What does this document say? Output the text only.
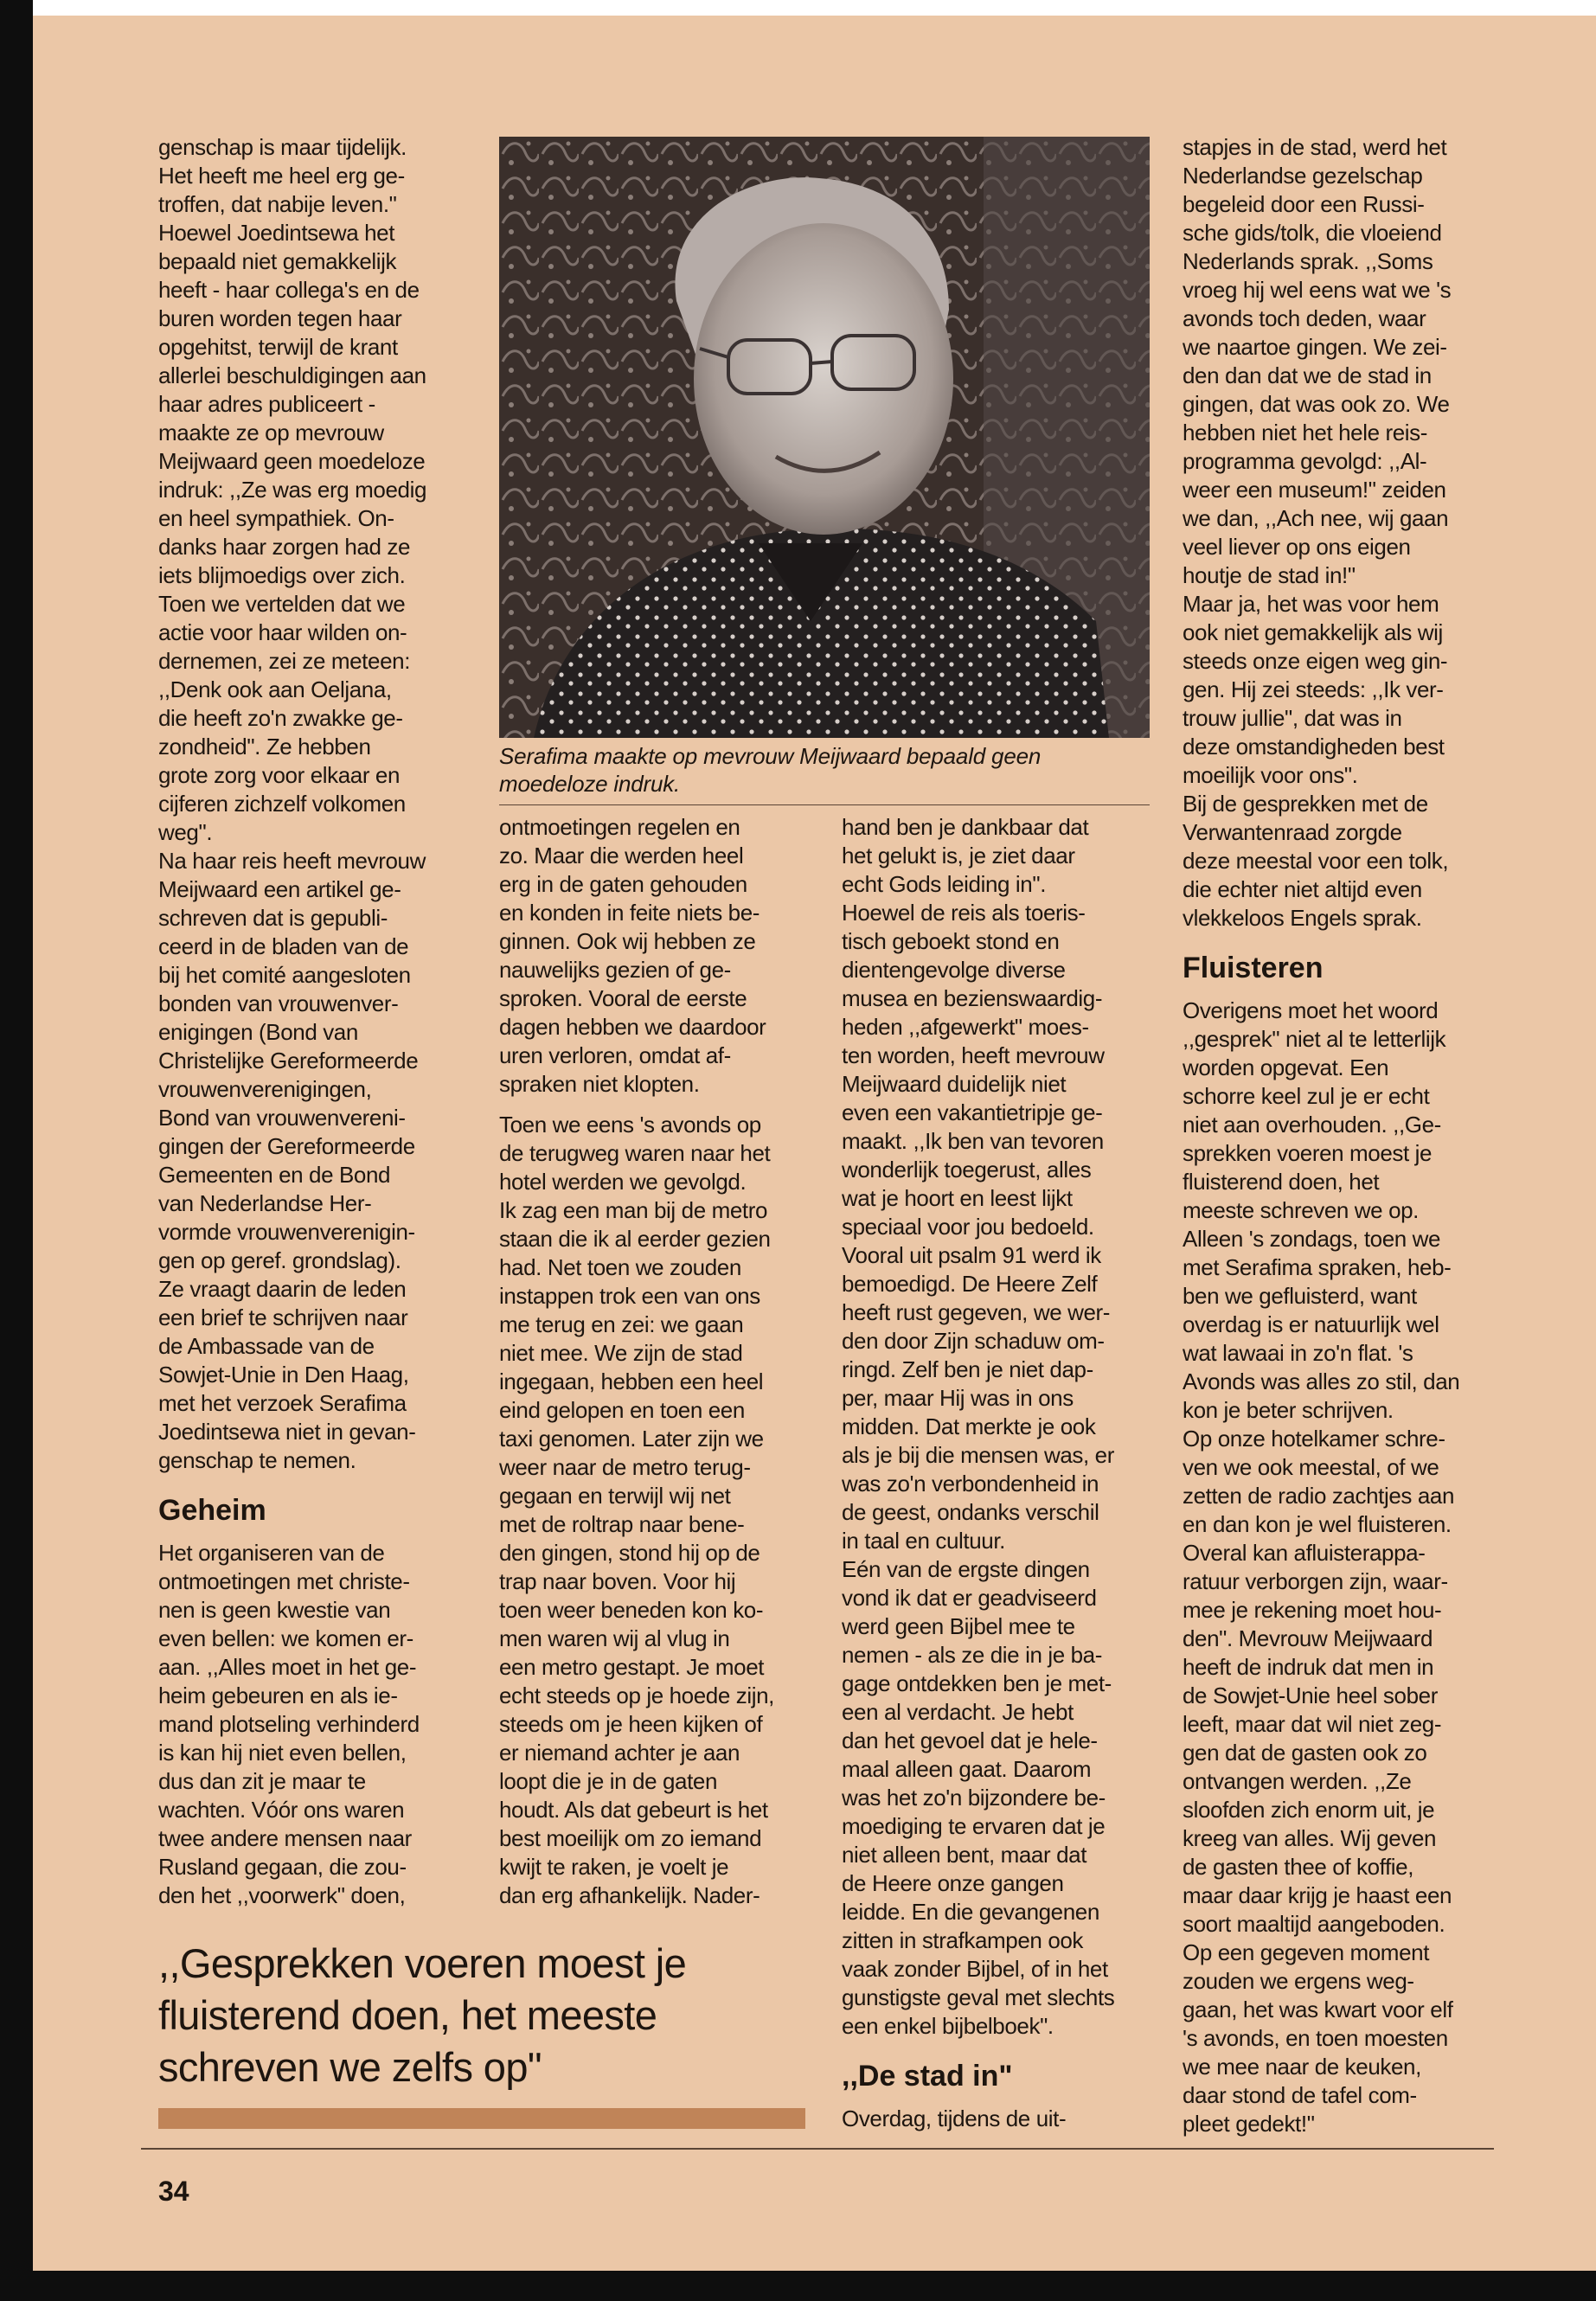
genschap is maar tijdelijk.
Het heeft me heel erg ge-
troffen, dat nabije leven."
Hoewel Joedintsewa het
bepaald niet gemakkelijk
heeft - haar collega's en de
buren worden tegen haar
opgehitst, terwijl de krant
allerlei beschuldigingen aan
haar adres publiceert -
maakte ze op mevrouw
Meijwaard geen moedeloze
indruk: ,,Ze was erg moedig
en heel sympathiek. On-
danks haar zorgen had ze
iets blijmoedigs over zich.
Toen we vertelden dat we
actie voor haar wilden on-
dernemen, zei ze meteen:
,,Denk ook aan Oeljana,
die heeft zo'n zwakke ge-
zondheid". Ze hebben
grote zorg voor elkaar en
cijferen zichzelf volkomen
weg".

Na haar reis heeft mevrouw
Meijwaard een artikel ge-
schreven dat is gepubli-
ceerd in de bladen van de
bij het comité aangesloten
bonden van vrouwenver-
enigingen (Bond van
Christelijke Gereformeerde
vrouwenverenigingen,
Bond van vrouwenvereni-
gingen der Gereformeerde
Gemeenten en de Bond
van Nederlandse Her-
vormde vrouwenverenigin-
gen op geref. grondslag).
Ze vraagt daarin de leden
een brief te schrijven naar
de Ambassade van de
Sowjet-Unie in Den Haag,
met het verzoek Serafima
Joedintsewa niet in gevan-
genschap te nemen.

Geheim

Het organiseren van de
ontmoetingen met christe-
nen is geen kwestie van
even bellen: we komen er-
aan. ,,Alles moet in het ge-
heim gebeuren en als ie-
mand plotseling verhinderd
is kan hij niet even bellen,
dus dan zit je maar te
wachten. Vóór ons waren
twee andere mensen naar
Rusland gegaan, die zou-
den het ,,voorwerk" doen,

Serafima maakte op mevrouw Meijwaard bepaald geen moedeloze indruk.

ontmoetingen regelen en
zo. Maar die werden heel
erg in de gaten gehouden
en konden in feite niets be-
ginnen. Ook wij hebben ze
nauwelijks gezien of ge-
sproken. Vooral de eerste
dagen hebben we daardoor
uren verloren, omdat af-
spraken niet klopten.

Toen we eens 's avonds op
de terugweg waren naar het
hotel werden we gevolgd.
Ik zag een man bij de metro
staan die ik al eerder gezien
had. Net toen we zouden
instappen trok een van ons
me terug en zei: we gaan
niet mee. We zijn de stad
ingegaan, hebben een heel
eind gelopen en toen een
taxi genomen. Later zijn we
weer naar de metro terug-
gegaan en terwijl wij net
met de roltrap naar bene-
den gingen, stond hij op de
trap naar boven. Voor hij
toen weer beneden kon ko-
men waren wij al vlug in
een metro gestapt. Je moet
echt steeds op je hoede zijn,
steeds om je heen kijken of
er niemand achter je aan
loopt die je in de gaten
houdt. Als dat gebeurt is het
best moeilijk om zo iemand
kwijt te raken, je voelt je
dan erg afhankelijk. Nader-

hand ben je dankbaar dat
het gelukt is, je ziet daar
echt Gods leiding in".
Hoewel de reis als toeris-
tisch geboekt stond en
dientengevolge diverse
musea en bezienswaardig-
heden ,,afgewerkt" moes-
ten worden, heeft mevrouw
Meijwaard duidelijk niet
even een vakantietripje ge-
maakt. ,,Ik ben van tevoren
wonderlijk toegerust, alles
wat je hoort en leest lijkt
speciaal voor jou bedoeld.
Vooral uit psalm 91 werd ik
bemoedigd. De Heere Zelf
heeft rust gegeven, we wer-
den door Zijn schaduw om-
ringd. Zelf ben je niet dap-
per, maar Hij was in ons
midden. Dat merkte je ook
als je bij die mensen was, er
was zo'n verbondenheid in
de geest, ondanks verschil
in taal en cultuur.
Eén van de ergste dingen
vond ik dat er geadviseerd
werd geen Bijbel mee te
nemen - als ze die in je ba-
gage ontdekken ben je met-
een al verdacht. Je hebt
dan het gevoel dat je hele-
maal alleen gaat. Daarom
was het zo'n bijzondere be-
moediging te ervaren dat je
niet alleen bent, maar dat
de Heere onze gangen
leidde. En die gevangenen
zitten in strafkampen ook
vaak zonder Bijbel, of in het
gunstigste geval met slechts
een enkel bijbelboek".

,,De stad in"

Overdag, tijdens de uit-

stapjes in de stad, werd het
Nederlandse gezelschap
begeleid door een Russi-
sche gids/tolk, die vloeiend
Nederlands sprak. ,,Soms
vroeg hij wel eens wat we 's
avonds toch deden, waar
we naartoe gingen. We zei-
den dan dat we de stad in
gingen, dat was ook zo. We
hebben niet het hele reis-
programma gevolgd: ,,Al-
weer een museum!" zeiden
we dan, ,,Ach nee, wij gaan
veel liever op ons eigen
houtje de stad in!"
Maar ja, het was voor hem
ook niet gemakkelijk als wij
steeds onze eigen weg gin-
gen. Hij zei steeds: ,,Ik ver-
trouw jullie", dat was in
deze omstandigheden best
moeilijk voor ons".
Bij de gesprekken met de
Verwantenraad zorgde
deze meestal voor een tolk,
die echter niet altijd even
vlekkeloos Engels sprak.

Fluisteren

Overigens moet het woord
,,gesprek" niet al te letterlijk
worden opgevat. Een
schorre keel zul je er echt
niet aan overhouden. ,,Ge-
sprekken voeren moest je
fluisterend doen, het
meeste schreven we op.
Alleen 's zondags, toen we
met Serafima spraken, heb-
ben we gefluisterd, want
overdag is er natuurlijk wel
wat lawaai in zo'n flat. 's
Avonds was alles zo stil, dan
kon je beter schrijven.
Op onze hotelkamer schre-
ven we ook meestal, of we
zetten de radio zachtjes aan
en dan kon je wel fluisteren.
Overal kan afluisterappa-
ratuur verborgen zijn, waar-
mee je rekening moet hou-
den". Mevrouw Meijwaard
heeft de indruk dat men in
de Sowjet-Unie heel sober
leeft, maar dat wil niet zeg-
gen dat de gasten ook zo
ontvangen werden. ,,Ze
sloofden zich enorm uit, je
kreeg van alles. Wij geven
de gasten thee of koffie,
maar daar krijg je haast een
soort maaltijd aangeboden.
Op een gegeven moment
zouden we ergens weg-
gaan, het was kwart voor elf
's avonds, en toen moesten
we mee naar de keuken,
daar stond de tafel com-
pleet gedekt!"

,,Gesprekken voeren moest je
fluisterend doen, het meeste
schreven we zelfs op"
34
